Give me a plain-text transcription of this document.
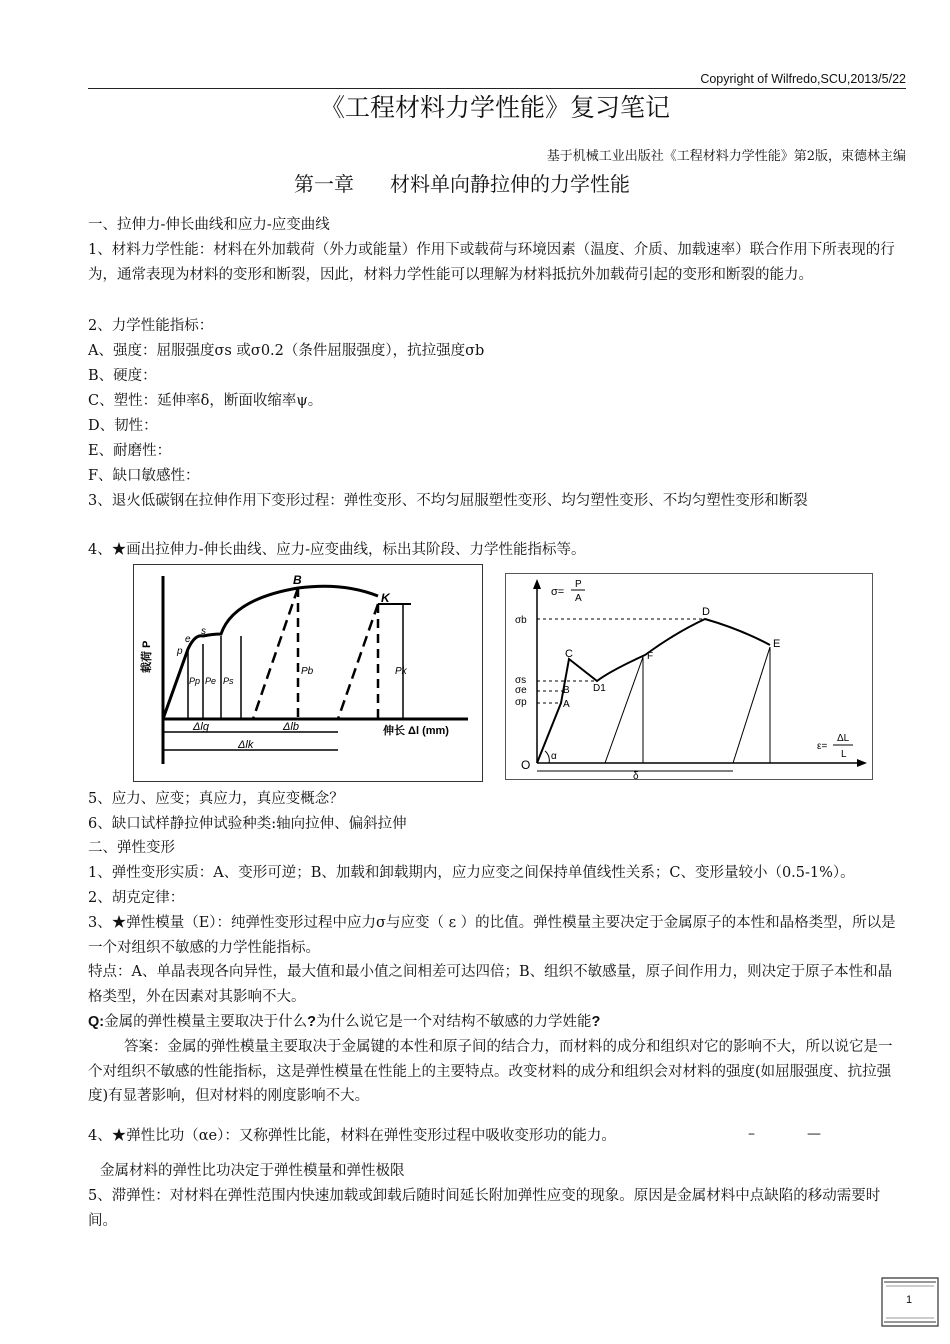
Copyright of Wilfredo,SCU,2013/5/22
《工程材料力学性能》复习笔记
基于机械工业出版社《工程材料力学性能》第2版，束德林主编
第一章 材料单向静拉伸的力学性能

一、拉伸力-伸长曲线和应力-应变曲线

1、材料力学性能：材料在外加载荷（外力或能量）作用下或载荷与环境因素（温度、介质、加载速率）联合作用下所表现的行为，通常表现为材料的变形和断裂，因此，材料力学性能可以理解为材料抵抗外加载荷引起的变形和断裂的能力。

2、力学性能指标：

A、强度：屈服强度σs 或σ0.2（条件屈服强度），抗拉强度σb

B、硬度：

C、塑性：延伸率δ，断面收缩率ψ。

D、韧性：

E、耐磨性：

F、缺口敏感性：

3、退火低碳钢在拉伸作用下变形过程：弹性变形、不均匀屈服塑性变形、均匀塑性变形、不均匀塑性变形和断裂

4、★画出拉伸力-伸长曲线、应力-应变曲线，标出其阶段、力学性能指标等。

载荷 P
伸长 Δl (mm)
B
K
e
s
p
Pb	Pk
Pe Ps
Pp
Δlg	Δlb
Δlk
σ=
P
A
ε=
ΔL
L
O
A
B
C
D1
F
D
E
σb
σs
σe
σp
α
δ

5、应力、应变；真应力，真应变概念？

6、缺口试样静拉伸试验种类:轴向拉伸、偏斜拉伸

二、弹性变形

1、弹性变形实质：A、变形可逆；B、加载和卸载期内，应力应变之间保持单值线性关系；C、变形量较小（0.5-1%）。

2、胡克定律：

3、★弹性模量（E）：纯弹性变形过程中应力σ与应变（ ε ）的比值。弹性模量主要决定于金属原子的本性和晶格类型，所以是一个对组织不敏感的力学性能指标。

特点：A、单晶表现各向异性，最大值和最小值之间相差可达四倍；B、组织不敏感量，原子间作用力，则决定于原子本性和晶格类型，外在因素对其影响不大。

Q:金属的弹性模量主要取决于什么?为什么说它是一个对结构不敏感的力学姓能?

答案：金属的弹性模量主要取决于金属键的本性和原子间的结合力，而材料的成分和组织对它的影响不大，所以说它是一个对组织不敏感的性能指标，这是弹性模量在性能上的主要特点。改变材料的成分和组织会对材料的强度(如屈服强度、抗拉强度)有显著影响，但对材料的刚度影响不大。

4、★弹性比功（αe）：又称弹性比能，材料在弹性变形过程中吸收变形功的能力。	–	—

金属材料的弹性比功决定于弹性模量和弹性极限

5、滞弹性：对材料在弹性范围内快速加载或卸载后随时间延长附加弹性应变的现象。原因是金属材料中点缺陷的移动需要时间。

1
